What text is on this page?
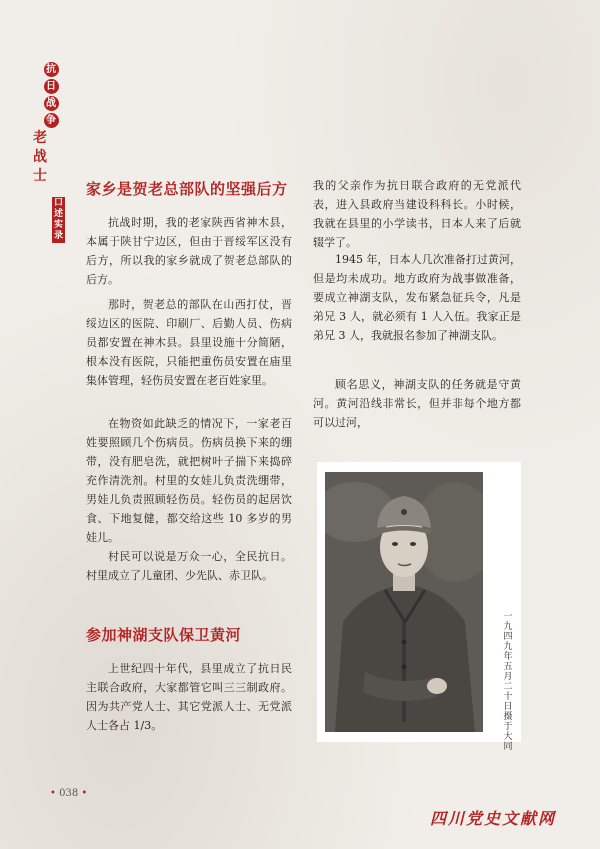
抗
日
战
争
老
战
士
口
述
实
录
家乡是贺老总部队的坚强后方

抗战时期，我的老家陕西省神木县，本属于陕甘宁边区，但由于晋绥军区没有后方，所以我的家乡就成了贺老总部队的后方。

那时，贺老总的部队在山西打仗，晋绥边区的医院、印刷厂、后勤人员、伤病员都安置在神木县。县里设施十分简陋，根本没有医院，只能把重伤员安置在庙里集体管理，轻伤员安置在老百姓家里。

在物资如此缺乏的情况下，一家老百姓要照顾几个伤病员。伤病员换下来的绷带，没有肥皂洗，就把树叶子揣下来捣碎充作清洗剂。村里的女娃儿负责洗绷带，男娃儿负责照顾轻伤员。轻伤员的起居饮食、下地复健，都交给这些 10 多岁的男娃儿。

村民可以说是万众一心，全民抗日。村里成立了儿童团、少先队、赤卫队。

参加神湖支队保卫黄河

上世纪四十年代，县里成立了抗日民主联合政府，大家都管它叫三三制政府。因为共产党人士、其它党派人士、无党派人士各占 1/3。

我的父亲作为抗日联合政府的无党派代表，进入县政府当建设科科长。小时候，我就在县里的小学读书，日本人来了后就辍学了。

1945 年，日本人几次准备打过黄河，但是均未成功。地方政府为战事做准备，要成立神湖支队，发布紧急征兵令，凡是弟兄 3 人，就必须有 1 人入伍。我家正是弟兄 3 人，我就报名参加了神湖支队。

顾名思义，神湖支队的任务就是守黄河。黄河沿线非常长，但并非每个地方都可以过河，

一九四九年五月二十日摄于大同
• 038 •
四川党史文献网
